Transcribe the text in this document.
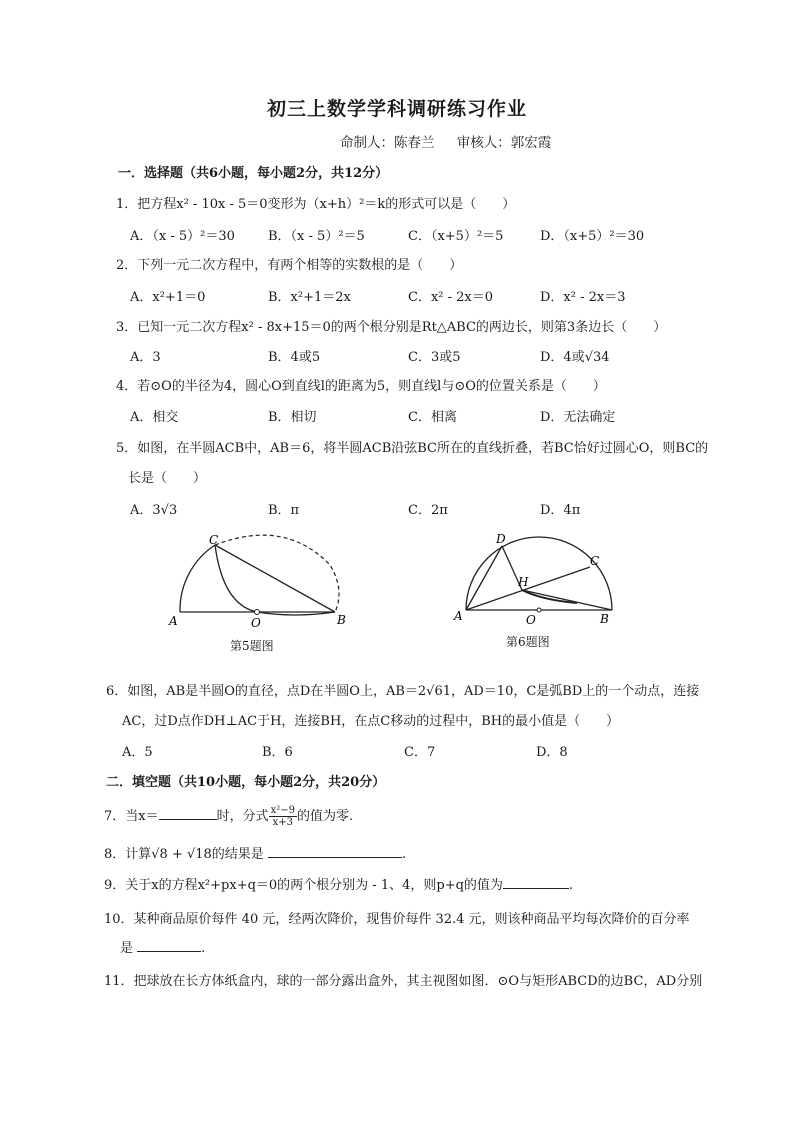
初三上数学学科调研练习作业
命制人：陈春兰 审核人：郭宏霞
一．选择题（共6小题，每小题2分，共12分）
1．把方程x² - 10x - 5＝0变形为（x+h）²＝k的形式可以是（　　）
A．（x - 5）²＝30	B．（x - 5）²＝5	C．（x+5）²＝5	D．（x+5）²＝30
2．下列一元二次方程中，有两个相等的实数根的是（　　）
A．x²+1＝0	B．x²+1＝2x	C．x² - 2x＝0	D．x² - 2x＝3
3．已知一元二次方程x² - 8x+15＝0的两个根分别是Rt△ABC的两边长，则第3条边长（　　）
A．3	B．4或5	C．3或5	D．4或√34
4．若⊙O的半径为4，圆心O到直线l的距离为5，则直线l与⊙O的位置关系是（　　）
A．相交	B．相切	C．相离	D．无法确定
5．如图，在半圆ACB中，AB＝6，将半圆ACB沿弦BC所在的直线折叠，若BC恰好过圆心O，则BC的
长是（　　）
A．3√3	B．π	C．2π	D．4π
A
C
O	B
第5题图
A
D
H
C
O	B
第6题图
6．如图，AB是半圆O的直径，点D在半圆O上，AB＝2√61，AD＝10，C是弧BD上的一个动点，连接
AC，过D点作DH⊥AC于H，连接BH，在点C移动的过程中，BH的最小值是（　　）
A．5	B．6	C．7	D．8
二．填空题（共10小题，每小题2分，共20分）
7．当x＝	时，分式 $\frac{\text{x²−9}}{x+3}$ 的值为零.
8．计算√8 + √18的结果是	.
9．关于x的方程x²+px+q＝0的两个根分别为 - 1、4，则p+q的值为	.
10．某种商品原价每件 40 元，经两次降价，现售价每件 32.4 元，则该种商品平均每次降价的百分率
是	.
11．把球放在长方体纸盒内，球的一部分露出盒外，其主视图如图．⊙O与矩形ABCD的边BC，AD分别
